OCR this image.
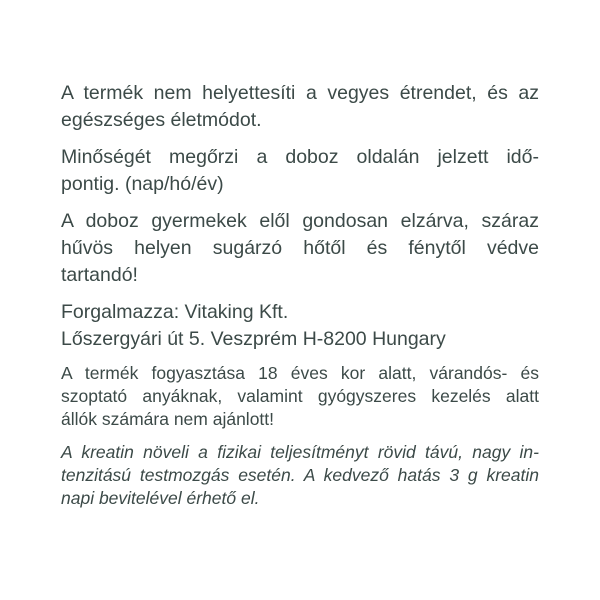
A termék nem helyettesíti a vegyes étrendet, és az
egészséges életmódot.

Minőségét megőrzi a doboz oldalán jelzett idő-
pontig. (nap/hó/év)

A doboz gyermekek elől gondosan elzárva, száraz
hűvös helyen sugárzó hőtől és fénytől védve
tartandó!

Forgalmazza: Vitaking Kft.
Lőszergyári út 5. Veszprém H-8200 Hungary

A termék fogyasztása 18 éves kor alatt, várandós- és
szoptató anyáknak, valamint gyógyszeres kezelés alatt
állók számára nem ajánlott!

A kreatin növeli a fizikai teljesítményt rövid távú, nagy in-
tenzitású testmozgás esetén. A kedvező hatás 3 g kreatin
napi bevitelével érhető el.
